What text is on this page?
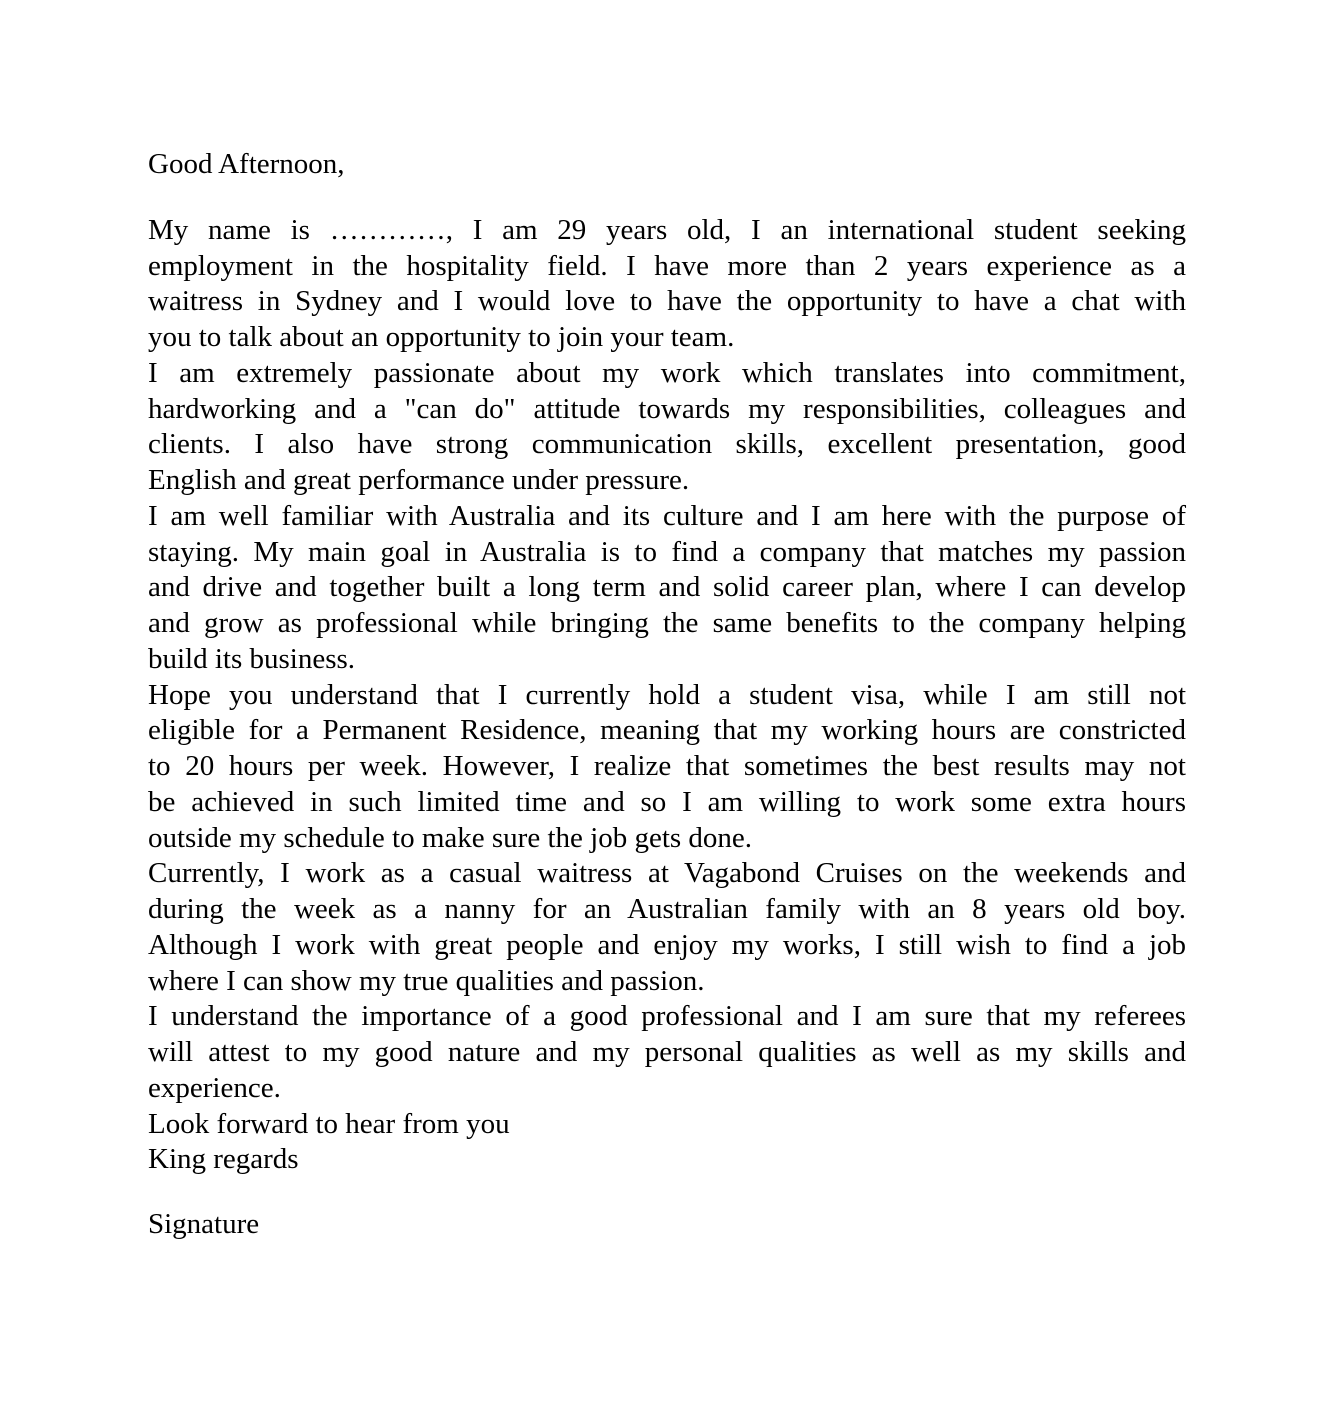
Good Afternoon,
My name is …………, I am 29 years old, I an international student seeking
employment in the hospitality field. I have more than 2 years experience as a
waitress in Sydney and I would love to have the opportunity to have a chat with
you to talk about an opportunity to join your team.
I am extremely passionate about my work which translates into commitment,
hardworking and a "can do" attitude towards my responsibilities, colleagues and
clients. I also have strong communication skills, excellent presentation, good
English and great performance under pressure.
I am well familiar with Australia and its culture and I am here with the purpose of
staying. My main goal in Australia is to find a company that matches my passion
and drive and together built a long term and solid career plan, where I can develop
and grow as professional while bringing the same benefits to the company helping
build its business.
Hope you understand that I currently hold a student visa, while I am still not
eligible for a Permanent Residence, meaning that my working hours are constricted
to 20 hours per week. However, I realize that sometimes the best results may not
be achieved in such limited time and so I am willing to work some extra hours
outside my schedule to make sure the job gets done.
Currently, I work as a casual waitress at Vagabond Cruises on the weekends and
during the week as a nanny for an Australian family with an 8 years old boy.
Although I work with great people and enjoy my works, I still wish to find a job
where I can show my true qualities and passion.
I understand the importance of a good professional and I am sure that my referees
will attest to my good nature and my personal qualities as well as my skills and
experience.
Look forward to hear from you
King regards
Signature
